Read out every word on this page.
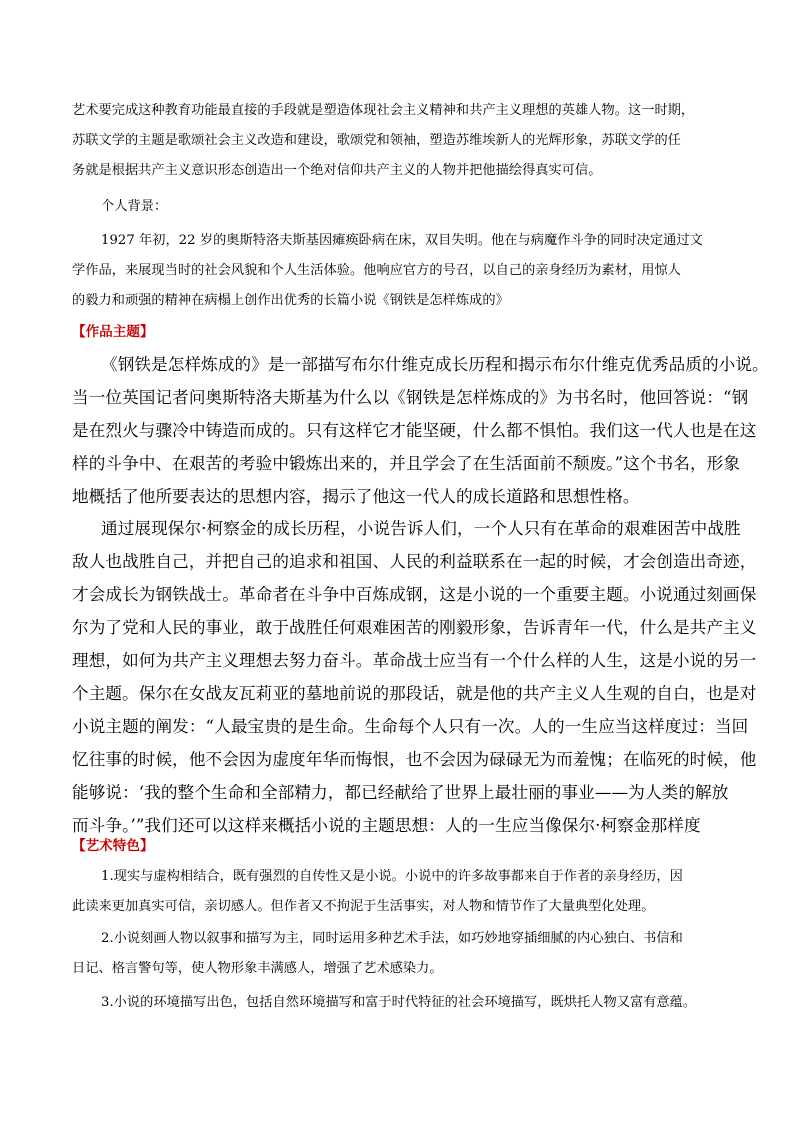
艺术要完成这种教育功能最直接的手段就是塑造体现社会主义精神和共产主义理想的英雄人物。这一时期，
苏联文学的主题是歌颂社会主义改造和建设，歌颂党和领袖，塑造苏维埃新人的光辉形象，苏联文学的任
务就是根据共产主义意识形态创造出一个绝对信仰共产主义的人物并把他描绘得真实可信。
个人背景：
1927 年初，22 岁的奥斯特洛夫斯基因瘫痪卧病在床，双目失明。他在与病魔作斗争的同时决定通过文
学作品，来展现当时的社会风貌和个人生活体验。他响应官方的号召，以自己的亲身经历为素材，用惊人
的毅力和顽强的精神在病榻上创作出优秀的长篇小说《钢铁是怎样炼成的》
【作品主题】
《钢铁是怎样炼成的》是一部描写布尔什维克成长历程和揭示布尔什维克优秀品质的小说。
当一位英国记者问奥斯特洛夫斯基为什么以《钢铁是怎样炼成的》为书名时，他回答说：“钢
是在烈火与骤冷中铸造而成的。只有这样它才能坚硬，什么都不惧怕。我们这一代人也是在这
样的斗争中、在艰苦的考验中锻炼出来的，并且学会了在生活面前不颓废。”这个书名，形象
地概括了他所要表达的思想内容，揭示了他这一代人的成长道路和思想性格。
通过展现保尔·柯察金的成长历程，小说告诉人们，一个人只有在革命的艰难困苦中战胜
敌人也战胜自己，并把自己的追求和祖国、人民的利益联系在一起的时候，才会创造出奇迹，
才会成长为钢铁战士。革命者在斗争中百炼成钢，这是小说的一个重要主题。小说通过刻画保
尔为了党和人民的事业，敢于战胜任何艰难困苦的刚毅形象，告诉青年一代，什么是共产主义
理想，如何为共产主义理想去努力奋斗。革命战士应当有一个什么样的人生，这是小说的另一
个主题。保尔在女战友瓦莉亚的墓地前说的那段话，就是他的共产主义人生观的自白，也是对
小说主题的阐发：“人最宝贵的是生命。生命每个人只有一次。人的一生应当这样度过：当回
忆往事的时候，他不会因为虚度年华而悔恨，也不会因为碌碌无为而羞愧；在临死的时候，他
能够说：‘我的整个生命和全部精力，都已经献给了世界上最壮丽的事业——为人类的解放
而斗争。’”我们还可以这样来概括小说的主题思想：人的一生应当像保尔·柯察金那样度
【艺术特色】
1.现实与虚构相结合，既有强烈的自传性又是小说。小说中的许多故事都来自于作者的亲身经历，因
此读来更加真实可信，亲切感人。但作者又不拘泥于生活事实，对人物和情节作了大量典型化处理。
2.小说刻画人物以叙事和描写为主，同时运用多种艺术手法，如巧妙地穿插细腻的内心独白、书信和
日记、格言警句等，使人物形象丰满感人，增强了艺术感染力。
3.小说的环境描写出色，包括自然环境描写和富于时代特征的社会环境描写，既烘托人物又富有意蕴。
